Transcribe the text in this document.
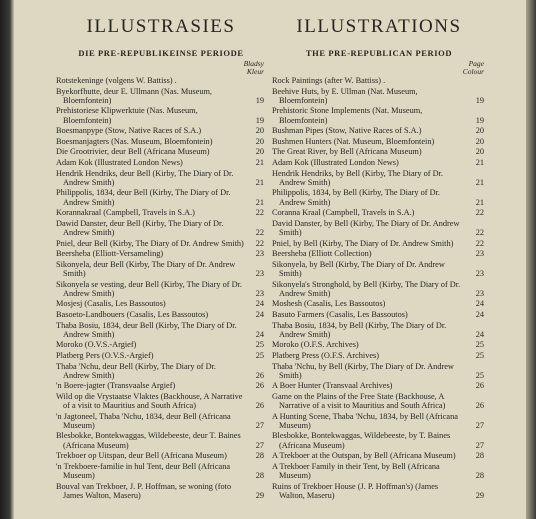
ILLUSTRASIES
DIE PRE-REPUBLIKEINSE PERIODE
Bladsy
Kleur
Rotstekeninge (volgens W. Battiss) .
Byekorfhutte, deur E. Ullmann (Nas. Museum, Bloemfontein)	19
Prehistoriese Klipwerktuie (Nas. Museum, Bloemfontein)	19
Boesmanpype (Stow, Native Races of S.A.)	20
Boesmanjagters (Nas. Museum, Bloemfontein)	20
Die Grootrivier, deur Bell (Africana Museum)	20
Adam Kok (Illustrated London News)	21
Hendrik Hendriks, deur Bell (Kirby, The Diary of Dr. Andrew Smith)	21
Philippolis, 1834, deur Bell (Kirby, The Diary of Dr. Andrew Smith)	21
Korannakraal (Campbell, Travels in S.A.)	22
Dawid Danster, deur Bell (Kirby, The Diary of Dr. Andrew Smith)	22
Pniel, deur Bell (Kirby, The Diary of Dr. Andrew Smith) 22
Beersheba (Elliott-Versameling)	23
Sikonyela, deur Bell (Kirby, The Diary of Dr. Andrew Smith)	23
Sikonyela se vesting, deur Bell (Kirby, The Diary of Dr. Andrew Smith)	23
Mosjesj (Casalis, Les Bassoutos)	24
Basoeto-Landbouers (Casalis, Les Bassoutos)	24
Thaba Bosiu, 1834, deur Bell (Kirby, The Diary of Dr. Andrew Smith)	24
Moroko (O.V.S.-Argief)	25
Platberg Pers (O.V.S.-Argief)	25
Thaba 'Nchu, deur Bell (Kirby, The Diary of Dr. Andrew Smith)	26
'n Boere-jagter (Transvaalse Argief)	26
Wild op die Vrystaatse Vlaktes (Backhouse, A Narrative of a visit to Mauritius and South Africa)	26
'n Jagtoneel, Thaba 'Nchu, 1834, deur Bell (Africana Museum)	27
Blesbokke, Bontekwaggas, Wildebeeste, deur T. Baines (Africana Museum)	27
Trekboer op Uitspan, deur Bell (Africana Museum)	28
'n Trekboere-familie in hul Tent, deur Bell (Africana Museum)	28
Bouval van Trekboer, J. P. Hoffman, se woning (foto James Walton, Maseru)	29
ILLUSTRATIONS
THE PRE-REPUBLICAN PERIOD
Page
Colour
Rock Paintings (after W. Battiss) .
Beehive Huts, by E. Ullman (Nat. Museum, Bloemfontein)	19
Prehistoric Stone Implements (Nat. Museum, Bloemfontein)	19
Bushman Pipes (Stow, Native Races of S.A.)	20
Bushmen Hunters (Nat. Museum, Bloemfontein)	20
The Great River, by Bell (Africana Museum)	20
Adam Kok (Illustrated London News)	21
Hendrik Hendriks, by Bell (Kirby, The Diary of Dr. Andrew Smith)	21
Philippolis, 1834, by Bell (Kirby, The Diary of Dr. Andrew Smith)	21
Coranna Kraal (Campbell, Travels in S.A.)	22
David Danster, by Bell (Kirby, The Diary of Dr. Andrew Smith)	22
Pniel, by Bell (Kirby, The Diary of Dr. Andrew Smith)	22
Beersheba (Elliott Collection)	23
Sikonyela, by Bell (Kirby, The Diary of Dr. Andrew Smith)	23
Sikonyela's Stronghold, by Bell (Kirby, The Diary of Dr. Andrew Smith)	23
Moshesh (Casalis, Les Bassoutos)	24
Basuto Farmers (Casalis, Les Bassoutos)	24
Thaba Bosiu, 1834, by Bell (Kirby, The Diary of Dr. Andrew Smith)	24
Moroko (O.F.S. Archives)	25
Platberg Press (O.F.S. Archives)	25
Thaba 'Nchu, by Bell (Kirby, The Diary of Dr. Andrew Smith)	25
A Boer Hunter (Transvaal Archives)	26
Game on the Plains of the Free State (Backhouse, A Narrative of a visit to Mauritius and South Africa)	26
A Hunting Scene, Thaba 'Nchu, 1834, by Bell (Africana Museum)	27
Blesbokke, Bontekwaggas, Wildebeeste, by T. Baines (Africana Museum)	27
A Trekboer at the Outspan, by Bell (Africana Museum) 28
A Trekboer Family in their Tent, by Bell (Africana Museum)	28
Ruins of Trekboer House (J. P. Hoffman's) (James Walton, Maseru)	29
